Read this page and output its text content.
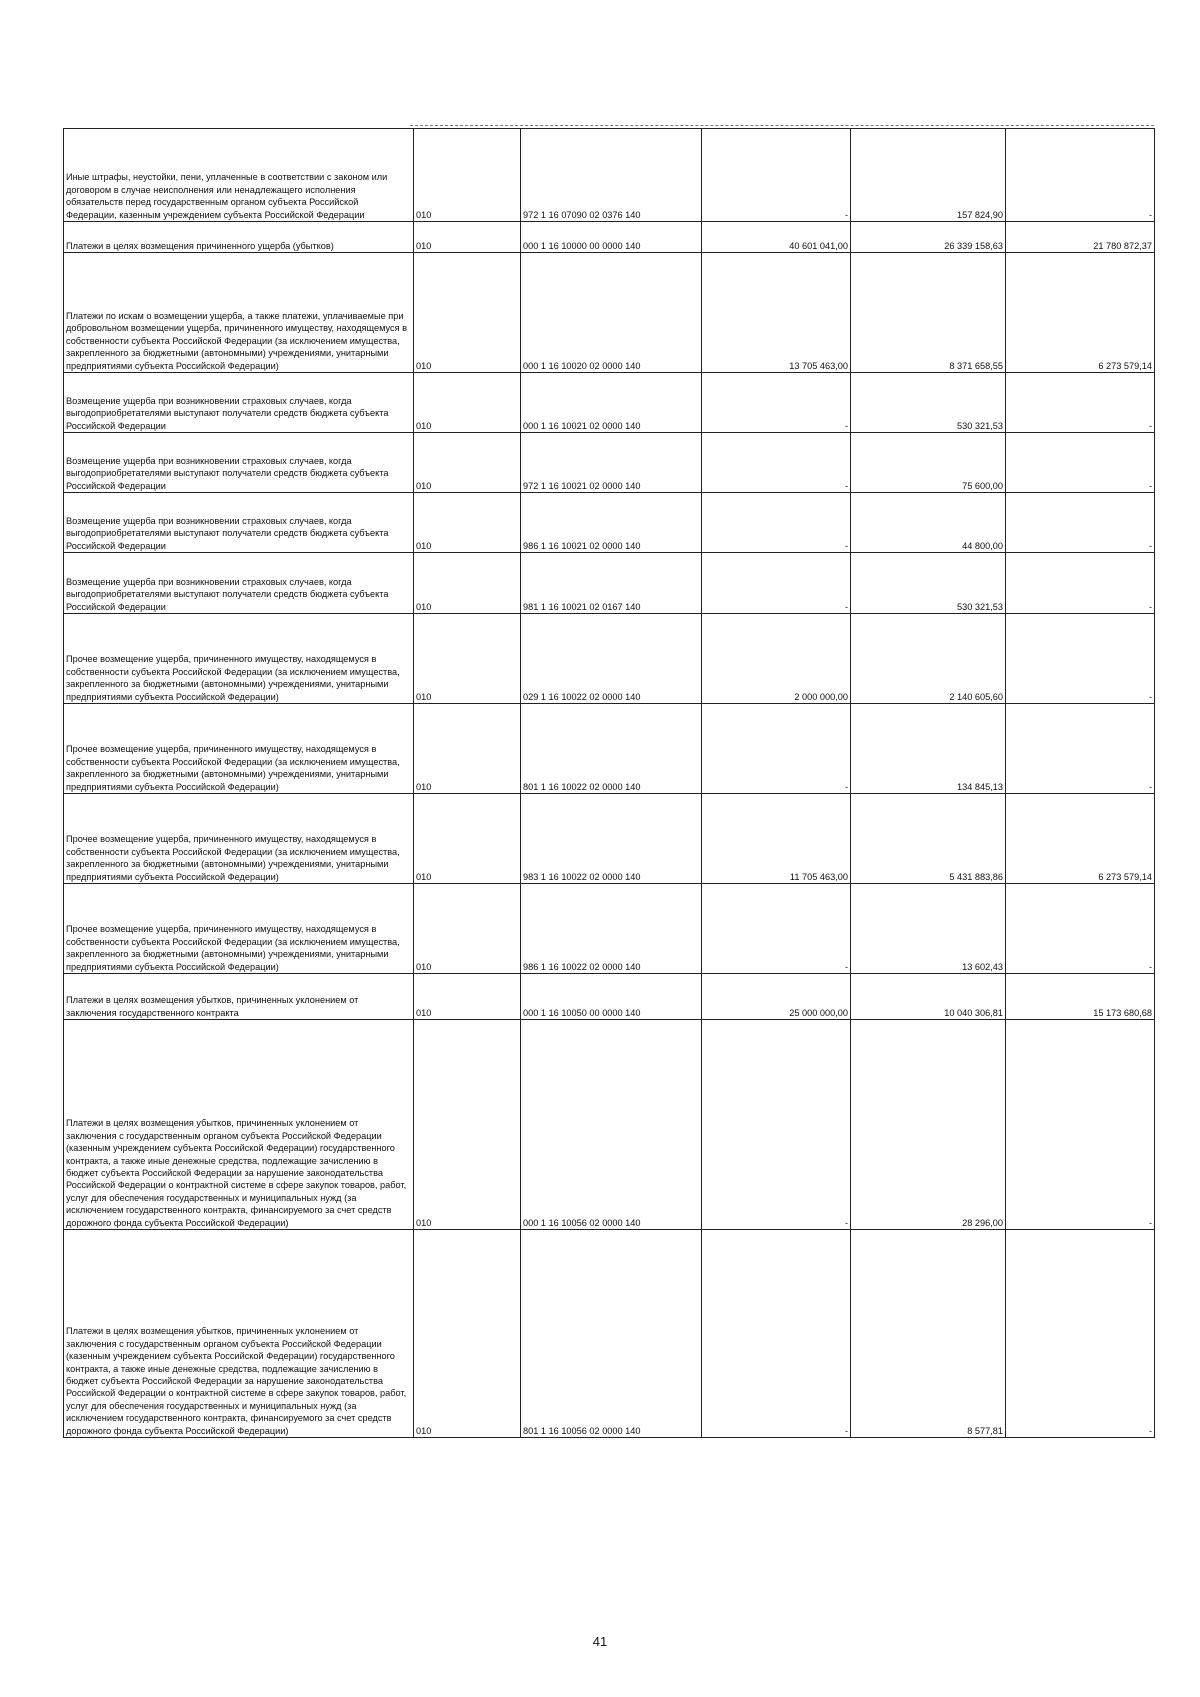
Иные штрафы, неустойки, пени, уплаченные в соответствии с законом или договором в случае неисполнения или ненадлежащего исполнения обязательств перед государственным органом субъекта Российской Федерации, казенным учреждением субъекта Российской Федерации	010	972 1 16 07090 02 0376 140	-	157 824,90	-

Платежи в целях возмещения причиненного ущерба (убытков)	010	000 1 16 10000 00 0000 140	40 601 041,00	26 339 158,63	21 780 872,37

Платежи по искам о возмещении ущерба, а также платежи, уплачиваемые при добровольном возмещении ущерба, причиненного имуществу, находящемуся в собственности субъекта Российской Федерации (за исключением имущества, закрепленного за бюджетными (автономными) учреждениями, унитарными предприятиями субъекта Российской Федерации)	010	000 1 16 10020 02 0000 140	13 705 463,00	8 371 658,55	6 273 579,14

Возмещение ущерба при возникновении страховых случаев, когда выгодоприобретателями выступают получатели средств бюджета субъекта Российской Федерации	010	000 1 16 10021 02 0000 140	-	530 321,53	-

Возмещение ущерба при возникновении страховых случаев, когда выгодоприобретателями выступают получатели средств бюджета субъекта Российской Федерации	010	972 1 16 10021 02 0000 140	-	75 600,00	-

Возмещение ущерба при возникновении страховых случаев, когда выгодоприобретателями выступают получатели средств бюджета субъекта Российской Федерации	010	986 1 16 10021 02 0000 140	-	44 800,00	-

Возмещение ущерба при возникновении страховых случаев, когда выгодоприобретателями выступают получатели средств бюджета субъекта Российской Федерации	010	981 1 16 10021 02 0167 140	-	530 321,53	-

Прочее возмещение ущерба, причиненного имуществу, находящемуся в собственности субъекта Российской Федерации (за исключением имущества, закрепленного за бюджетными (автономными) учреждениями, унитарными предприятиями субъекта Российской Федерации)	010	029 1 16 10022 02 0000 140	2 000 000,00	2 140 605,60	-

Прочее возмещение ущерба, причиненного имуществу, находящемуся в собственности субъекта Российской Федерации (за исключением имущества, закрепленного за бюджетными (автономными) учреждениями, унитарными предприятиями субъекта Российской Федерации)	010	801 1 16 10022 02 0000 140	-	134 845,13	-

Прочее возмещение ущерба, причиненного имуществу, находящемуся в собственности субъекта Российской Федерации (за исключением имущества, закрепленного за бюджетными (автономными) учреждениями, унитарными предприятиями субъекта Российской Федерации)	010	983 1 16 10022 02 0000 140	11 705 463,00	5 431 883,86	6 273 579,14

Прочее возмещение ущерба, причиненного имуществу, находящемуся в собственности субъекта Российской Федерации (за исключением имущества, закрепленного за бюджетными (автономными) учреждениями, унитарными предприятиями субъекта Российской Федерации)	010	986 1 16 10022 02 0000 140	-	13 602,43	-

Платежи в целях возмещения убытков, причиненных уклонением от заключения государственного контракта	010	000 1 16 10050 00 0000 140	25 000 000,00	10 040 306,81	15 173 680,68

Платежи в целях возмещения убытков, причиненных уклонением от заключения с государственным органом субъекта Российской Федерации (казенным учреждением субъекта Российской Федерации) государственного контракта, а также иные денежные средства, подлежащие зачислению в бюджет субъекта Российской Федерации за нарушение законодательства Российской Федерации о контрактной системе в сфере закупок товаров, работ, услуг для обеспечения государственных и муниципальных нужд (за исключением государственного контракта, финансируемого за счет средств дорожного фонда субъекта Российской Федерации)	010	000 1 16 10056 02 0000 140	-	28 296,00	-

Платежи в целях возмещения убытков, причиненных уклонением от заключения с государственным органом субъекта Российской Федерации (казенным учреждением субъекта Российской Федерации) государственного контракта, а также иные денежные средства, подлежащие зачислению в бюджет субъекта Российской Федерации за нарушение законодательства Российской Федерации о контрактной системе в сфере закупок товаров, работ, услуг для обеспечения государственных и муниципальных нужд (за исключением государственного контракта, финансируемого за счет средств дорожного фонда субъекта Российской Федерации)	010	801 1 16 10056 02 0000 140	-	8 577,81	-
41
